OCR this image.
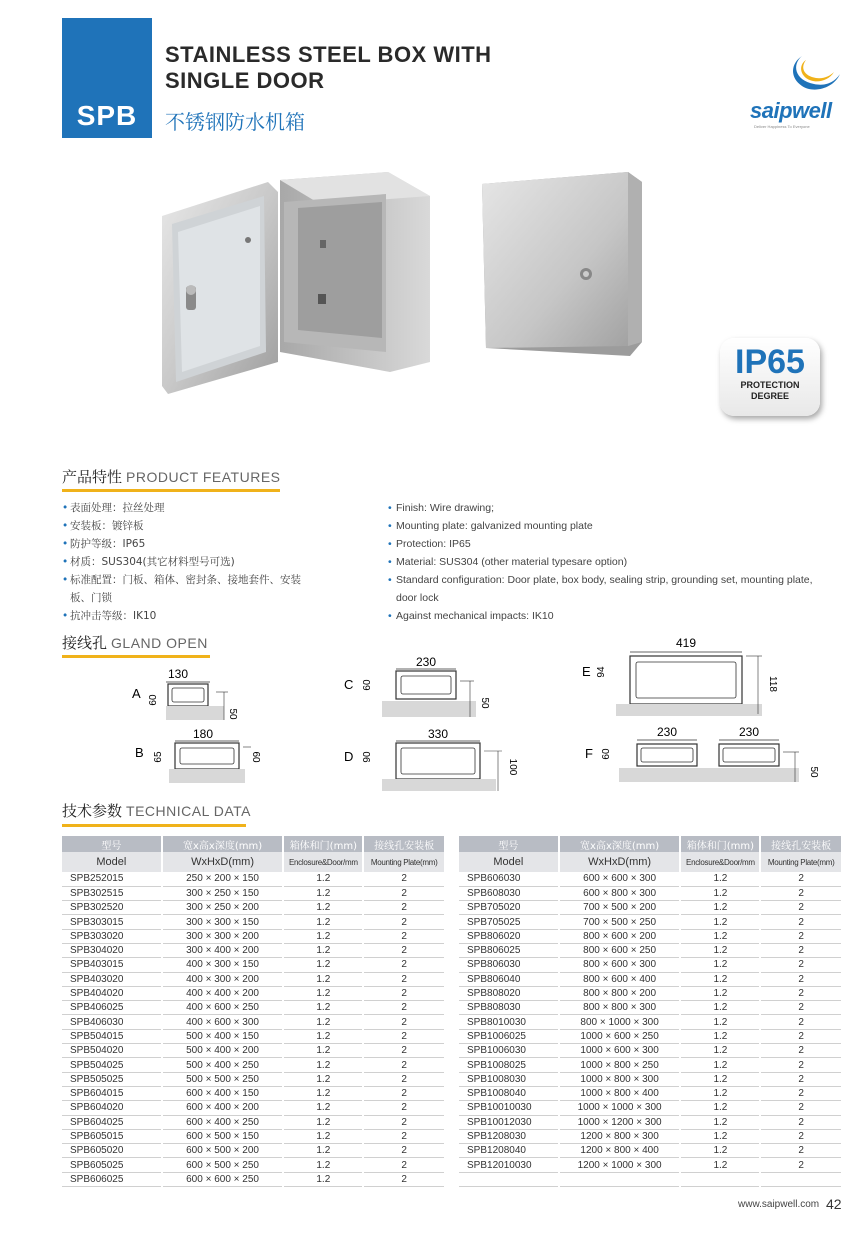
SPB
STAINLESS STEEL BOX WITH
SINGLE DOOR
不锈钢防水机箱	saipwell
Deliver Happiness To Everyone
IP65
PROTECTION
DEGREE
产品特性 PRODUCT FEATURES
• 表面处理：拉丝处理
• 安装板：镀锌板
• 防护等级：IP65
• 材质：SUS304(其它材料型号可选)
• 标准配置：门板、箱体、密封条、接地套件、安装板、门锁
• 抗冲击等级：IK10
• Finish: Wire drawing;
• Mounting plate: galvanized mounting plate
• Protection: IP65
• Material: SUS304 (other material typesare option)
• Standard configuration: Door plate, box body, sealing strip, grounding set, mounting plate, door lock
• Against mechanical impacts: IK10
接线孔 GLAND OPEN
130
A 60
50
180
B 65	60
230
C 60
50
330
D 90
100
419
E 94
118
230	230
F 60
50
技术参数 TECHNICAL DATA
型号	宽x高x深度(mm)	箱体和门(mm)	接线孔安装板
Model	WxHxD(mm)	Enclosure&Door/mm	Mounting Plate(mm)
SPB252015	250 × 200 × 150	1.2	2
SPB302515	300 × 250 × 150	1.2	2
SPB302520	300 × 250 × 200	1.2	2
SPB303015	300 × 300 × 150	1.2	2
SPB303020	300 × 300 × 200	1.2	2
SPB304020	300 × 400 × 200	1.2	2
SPB403015	400 × 300 × 150	1.2	2
SPB403020	400 × 300 × 200	1.2	2
SPB404020	400 × 400 × 200	1.2	2
SPB406025	400 × 600 × 250	1.2	2
SPB406030	400 × 600 × 300	1.2	2
SPB504015	500 × 400 × 150	1.2	2
SPB504020	500 × 400 × 200	1.2	2
SPB504025	500 × 400 × 250	1.2	2
SPB505025	500 × 500 × 250	1.2	2
SPB604015	600 × 400 × 150	1.2	2
SPB604020	600 × 400 × 200	1.2	2
SPB604025	600 × 400 × 250	1.2	2
SPB605015	600 × 500 × 150	1.2	2
SPB605020	600 × 500 × 200	1.2	2
SPB605025	600 × 500 × 250	1.2	2
SPB606025	600 × 600 × 250	1.2	2
型号	宽x高x深度(mm)	箱体和门(mm)	接线孔安装板
Model	WxHxD(mm)	Enclosure&Door/mm	Mounting Plate(mm)
SPB606030	600 × 600 × 300	1.2	2
SPB608030	600 × 800 × 300	1.2	2
SPB705020	700 × 500 × 200	1.2	2
SPB705025	700 × 500 × 250	1.2	2
SPB806020	800 × 600 × 200	1.2	2
SPB806025	800 × 600 × 250	1.2	2
SPB806030	800 × 600 × 300	1.2	2
SPB806040	800 × 600 × 400	1.2	2
SPB808020	800 × 800 × 200	1.2	2
SPB808030	800 × 800 × 300	1.2	2
SPB8010030	800 × 1000 × 300	1.2	2
SPB1006025	1000 × 600 × 250	1.2	2
SPB1006030	1000 × 600 × 300	1.2	2
SPB1008025	1000 × 800 × 250	1.2	2
SPB1008030	1000 × 800 × 300	1.2	2
SPB1008040	1000 × 800 × 400	1.2	2
SPB10010030	1000 × 1000 × 300	1.2	2
SPB10012030	1000 × 1200 × 300	1.2	2
SPB1208030	1200 × 800 × 300	1.2	2
SPB1208040	1200 × 800 × 400	1.2	2
SPB12010030	1200 × 1000 × 300	1.2	2

www.saipwell.com 42
